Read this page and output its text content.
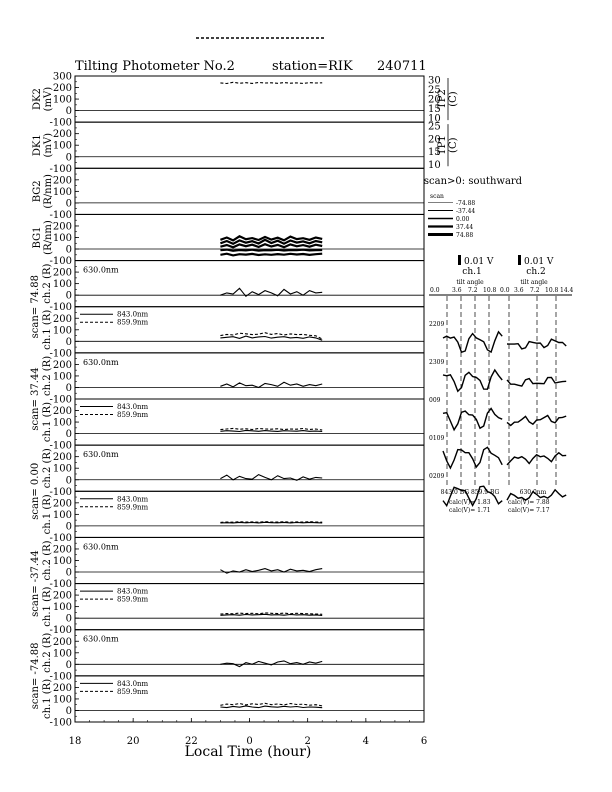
Tilting Photometer No.2	station=RIK 240711
300
200
100
0
-100
DK2 (mV)
30
25
20
15
10
TP2 (C)
200
100
0
-100
DK1 (mV)
25
20
15
10
TP1 (C)
200
100
0
-100
BG2 (R/nm)
200
100
0
-100
BG1 (R/nm)
200
100
0
-100
scan= 74.88 ch.2 (R)	630.0nm
200
100
0
-100
ch.1 (R)	843.0nm
859.9nm
200
100
0
-100
scan= 37.44 ch.2 (R)	630.0nm
200
100
0
-100
ch.1 (R)	843.0nm
859.9nm
200
100
0
-100
scan= 0.00 ch.2 (R)	630.0nm
200
100
0
-100
ch.1 (R)	843.0nm
859.9nm
200
100
0
-100
scan= -37.44 ch.2 (R)	630.0nm
200
100
0
-100
ch.1 (R)	843.0nm
859.9nm
200
100
0
-100
scan= -74.88 ch.2 (R)	630.0nm
200
100
0
-100
ch.1 (R)	843.0nm
859.9nm
18	20	22	0	2	4	6
Local Time (hour)
scan>0: southward
scan
-74.88
-37.44
0.00
37.44
74.88
0.01 V
ch.1
0.01 V
ch.2
tilt angle	tilt angle
0.0 3.6 7.2 10.8 0.0 3.6 7.2 10.8 14.4
2209
2309
009
0109
0209
843.0 BG 859.9 BG	630.0nm
calc(V)= 1.83
calc(V)= 1.71
calc(V)= 7.88
calc(V)= 7.17
